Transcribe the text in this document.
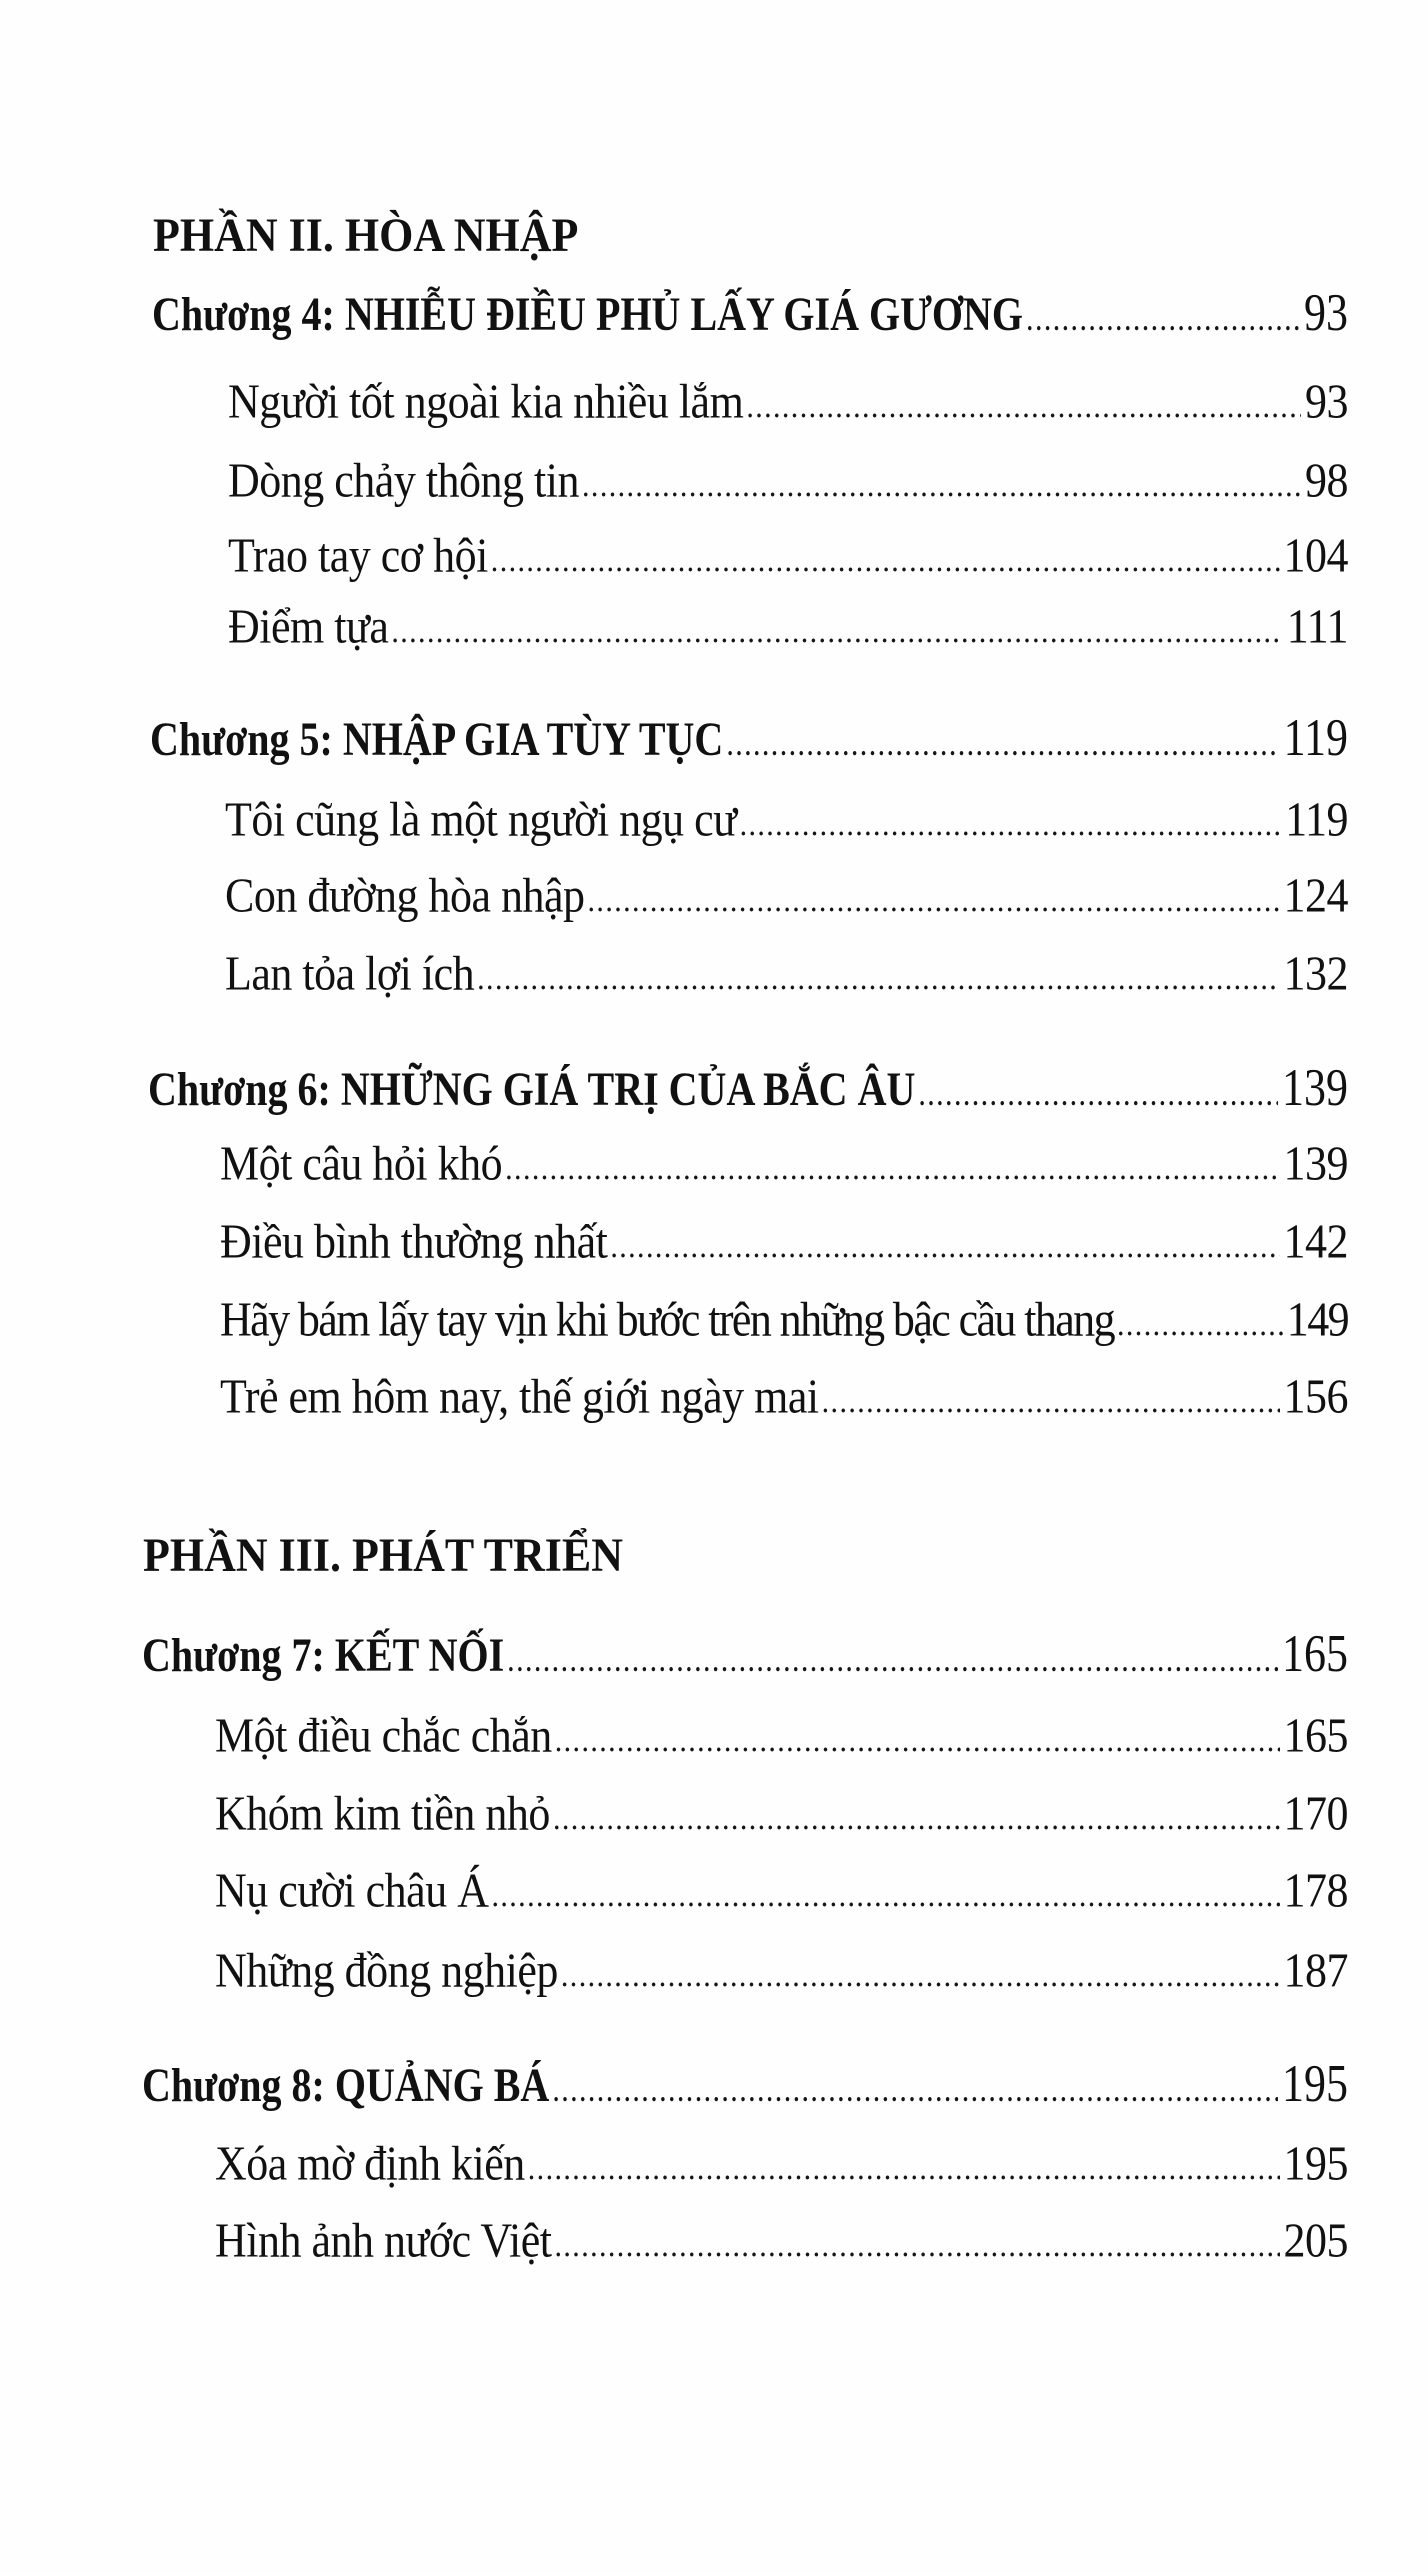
PHẦN II. HÒA NHẬP
Chương 4: NHIỄU ĐIỀU PHỦ LẤY GIÁ GƯƠNG .....	93
Người tốt ngoài kia nhiều lắm .....	93
Dòng chảy thông tin .....	98
Trao tay cơ hội .....	104
Điểm tựa .....	111
Chương 5: NHẬP GIA TÙY TỤC .....	119
Tôi cũng là một người ngụ cư .....	119
Con đường hòa nhập .....	124
Lan tỏa lợi ích .....	132
Chương 6: NHỮNG GIÁ TRỊ CỦA BẮC ÂU .....	139
Một câu hỏi khó .....	139
Điều bình thường nhất .....	142
Hãy bám lấy tay vịn khi bước trên những bậc cầu thang .....	149
Trẻ em hôm nay, thế giới ngày mai .....	156
PHẦN III. PHÁT TRIỂN
Chương 7: KẾT NỐI .....	165
Một điều chắc chắn .....	165
Khóm kim tiền nhỏ .....	170
Nụ cười châu Á .....	178
Những đồng nghiệp .....	187
Chương 8: QUẢNG BÁ .....	195
Xóa mờ định kiến .....	195
Hình ảnh nước Việt .....	205
